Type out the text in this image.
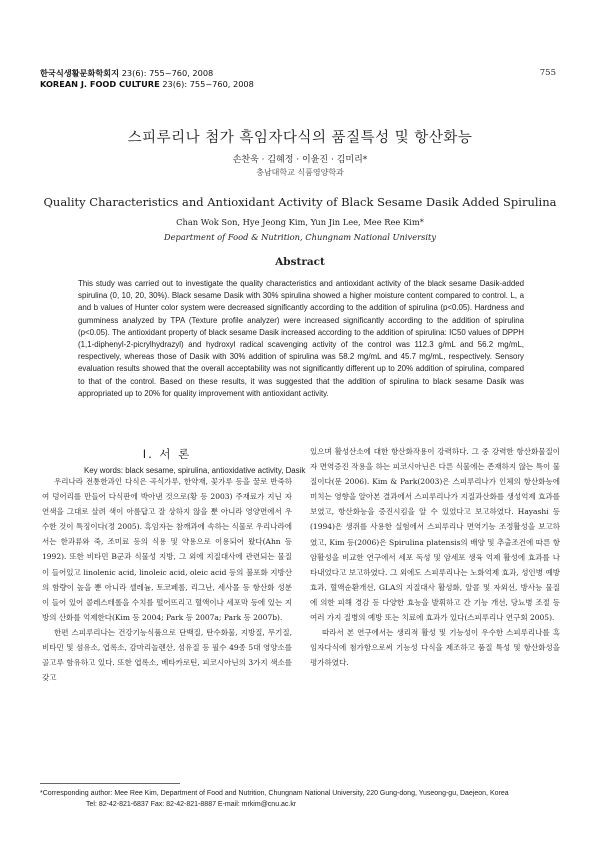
한국식생활문화학회지 23(6): 755~760, 2008
KOREAN J. FOOD CULTURE 23(6): 755~760, 2008
755
스피루리나 첨가 흑임자다식의 품질특성 및 항산화능
손찬욱 · 김혜정 · 이윤진 · 김미리*
충남대학교 식품영양학과
Quality Characteristics and Antioxidant Activity of Black Sesame Dasik Added Spirulina
Chan Wok Son, Hye Jeong Kim, Yun Jin Lee, Mee Ree Kim*
Department of Food & Nutrition, Chungnam National University
Abstract

This study was carried out to investigate the quality characteristics and antioxidant activity of the black sesame Dasik-added spirulina (0, 10, 20, 30%). Black sesame Dasik with 30% spirulina showed a higher moisture content compared to control. L, a and b values of Hunter color system were decreased significantly according to the addition of spirulina (p<0.05). Hardness and gumminess analyzed by TPA (Texture profile analyzer) were increased significantly according to the addition of spirulina (p<0.05). The antioxidant property of black sesame Dasik increased according to the addition of spirulina: IC50 values of DPPH (1,1-diphenyl-2-picrylhydrazyl) and hydroxyl radical scavenging activity of the control was 112.3 g/mL and 56.2 mg/mL, respectively, whereas those of Dasik with 30% addition of spirulina was 58.2 mg/mL and 45.7 mg/mL, respectively. Sensory evaluation results showed that the overall acceptability was not significantly different up to 20% addition of spirulina, compared to that of the control. Based on these results, it was suggested that the addition of spirulina to black sesame Dasik was appropriated up to 20% for quality improvement with antioxidant activity.

Key words: black sesame, spirulina, antioxidative activity, Dasik
Ⅰ. 서 론

우리나라 전통한과인 다식은 곡식가루, 한약재, 꽃가루 등을 꿀로 반죽하여 덩어리를 만들어 다식판에 박아낸 것으로(황 등 2003) 주재료가 지닌 자연색을 그대로 살려 색이 아름답고 잘 상하지 않을 뿐 아니라 영양면에서 우수한 것이 특징이다(정 2005). 흑임자는 참깨과에 속하는 식물로 우리나라에서는 한과류와 죽, 조미료 등의 식용 및 약용으로 이용되어 왔다(Ahn 등 1992). 또한 비타민 B군과 식물성 지방, 그 외에 지질대사에 관련되는 물질이 들어있고 linolenic acid, linoleic acid, oleic acid 등의 불포화 지방산의 함량이 높을 뿐 아니라 셀레늄, 토코페롤, 리그난, 세사몰 등 항산화 성분이 들어 있어 콜레스테롤을 수치를 떨어뜨리고 혈액이나 세포막 등에 있는 지방의 산화를 억제한다(Kim 등 2004; Park 등 2007a; Park 등 2007b).

한편 스피루리나는 건강기능식품으로 단백질, 탄수화물, 지방질, 무기질, 비타민 및 섬유소, 엽록소, 감마리놀렌산, 섬유질 등 필수 49종 5대 영양소를 골고루 함유하고 있다. 또한 엽록소, 베타카로틴, 피코시아닌의 3가지 색소를 갖고

있으며 활성산소에 대한 항산화작용이 강력하다. 그 중 강력한 항산화물질이자 면역증진 작용을 하는 피코시아닌은 다른 식물에는 존재하지 않는 특이 물질이다(문 2006). Kim & Park(2003)은 스피루리나가 인체의 항산화능에 미치는 영향을 알아본 결과에서 스피루리나가 지질과산화를 생성억제 효과를 보였고, 항산화능을 증진시킴을 알 수 있었다고 보고하였다. Hayashi 등(1994)은 생쥐를 사용한 실험에서 스피루리나 면역기능 조정활성을 보고하였고, Kim 등(2006)은 Spirulina platensis의 배양 및 추출조건에 따른 항암활성을 비교한 연구에서 세포 독성 및 암세포 생육 억제 활성에 효과를 나타내었다고 보고하였다. 그 외에도 스피루리나는 노화억제 효과, 성인병 예방효과, 혈액순환개선, GLA의 지질대사 활성화, 알콜 및 자외선, 방사능 물질에 의한 피해 경감 등 다양한 효능을 발휘하고 간 기능 개선, 당뇨병 조절 등 여러 가지 질병의 예방 또는 치료에 효과가 있다(스피루리나 연구회 2005).

따라서 본 연구에서는 생리적 활성 및 기능성이 우수한 스피루리나를 흑임자다식에 첨가함으로써 기능성 다식을 제조하고 품질 특성 및 항산화성을 평가하였다.

*Corresponding author: Mee Ree Kim, Department of Food and Nutrition, Chungnam National University, 220 Gung-dong, Yuseong-gu, Daejeon, Korea
Tel: 82-42-821-6837 Fax: 82-42-821-8887 E-mail: mrkim@cnu.ac.kr
